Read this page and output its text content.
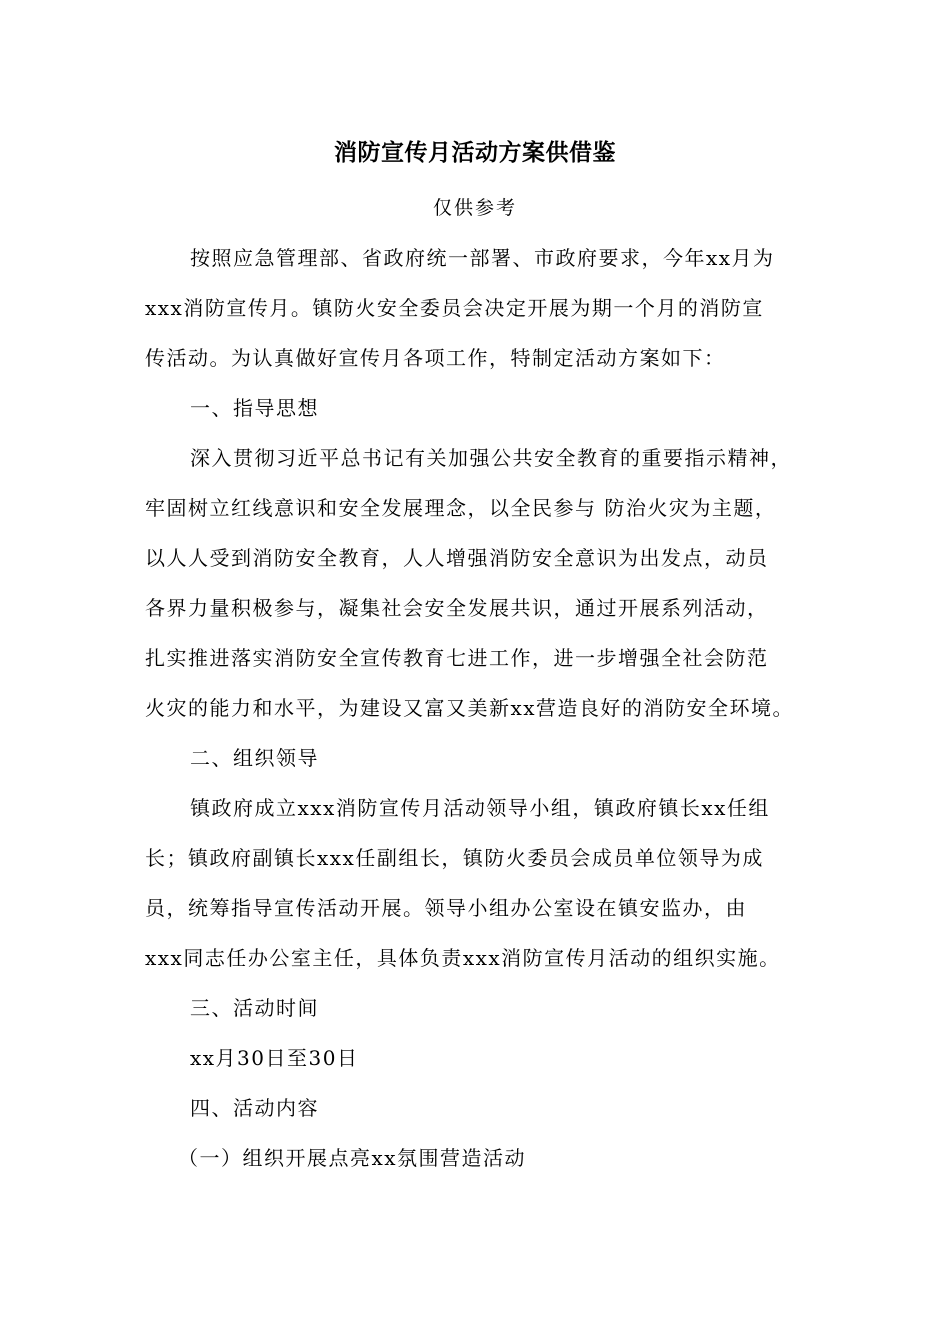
消防宣传月活动方案供借鉴
仅供参考
按照应急管理部、省政府统一部署、市政府要求，今年xx月为
xxx消防宣传月。镇防火安全委员会决定开展为期一个月的消防宣
传活动。为认真做好宣传月各项工作，特制定活动方案如下：
一、指导思想
深入贯彻习近平总书记有关加强公共安全教育的重要指示精神，
牢固树立红线意识和安全发展理念，以全民参与 防治火灾为主题，
以人人受到消防安全教育，人人增强消防安全意识为出发点，动员
各界力量积极参与，凝集社会安全发展共识，通过开展系列活动，
扎实推进落实消防安全宣传教育七进工作，进一步增强全社会防范
火灾的能力和水平，为建设又富又美新xx营造良好的消防安全环境。
二、组织领导
镇政府成立xxx消防宣传月活动领导小组，镇政府镇长xx任组
长；镇政府副镇长xxx任副组长，镇防火委员会成员单位领导为成
员，统筹指导宣传活动开展。领导小组办公室设在镇安监办，由
xxx同志任办公室主任，具体负责xxx消防宣传月活动的组织实施。
三、活动时间
xx月30日至30日
四、活动内容
（一）组织开展点亮xx氛围营造活动
